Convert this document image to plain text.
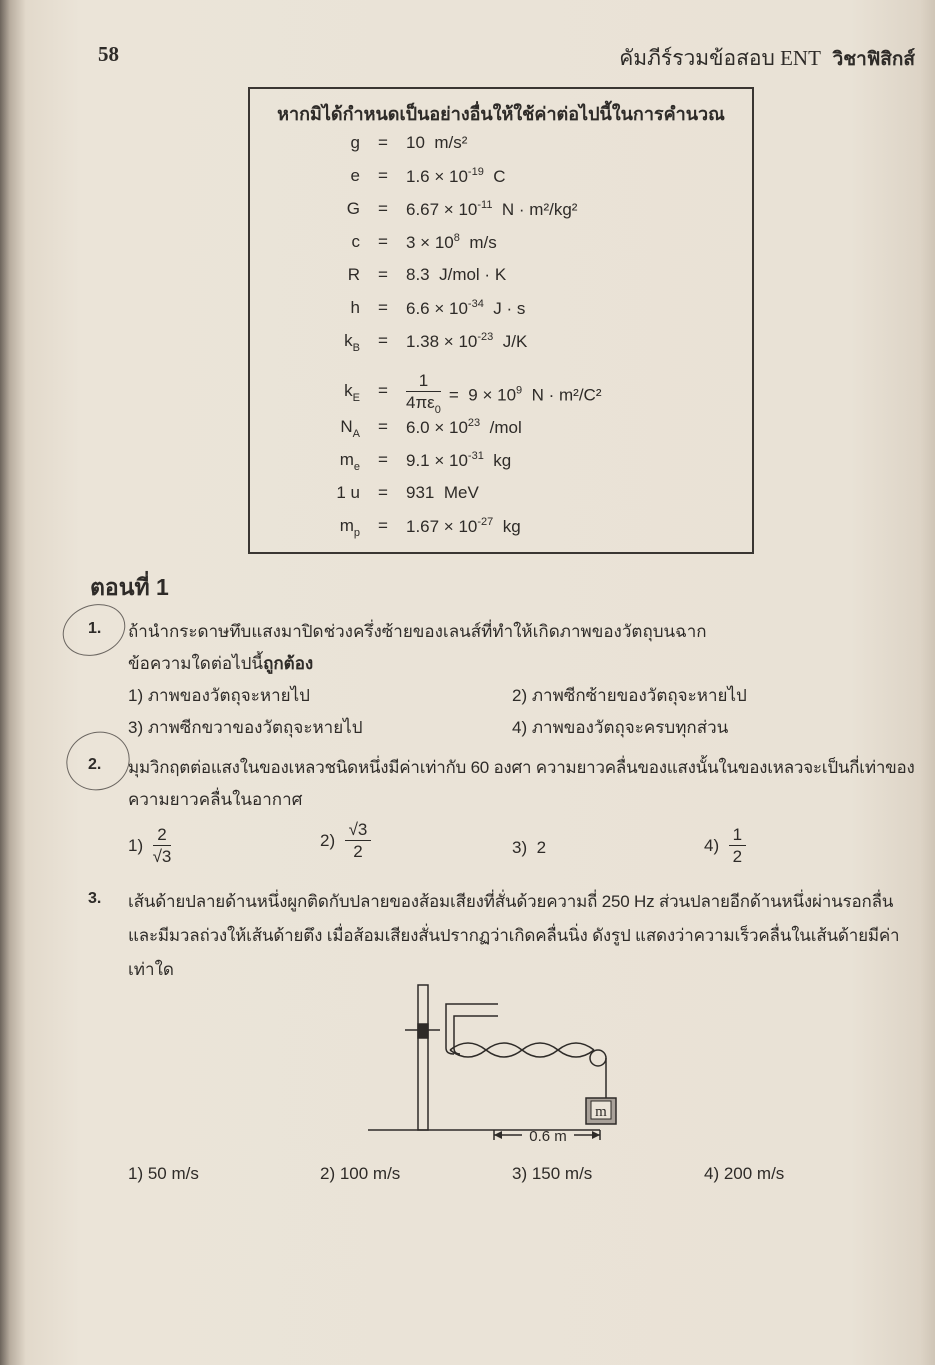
58	คัมภีร์รวมข้อสอบ ENT วิชาฟิสิกส์
หากมิได้กำหนดเป็นอย่างอื่นให้ใช้ค่าต่อไปนี้ในการคำนวณ
g = 10 m/s²
$e = 1.6 \times 10^{-19}$ C
$G = 6.67 \times 10^{-11}$ N · m²/kg²
$c = 3 \times 10^8$ m/s
R = 8.3 J/mol · K
$h = 6.6 \times 10^{-34}$ J · s
$k_B = 1.38 \times 10^{-23}$ J/K
$k_E = \frac{1}{4\pi\varepsilon_0} = 9 \times 10^9$ N · m²/C²
$N_A = 6.0 \times 10^{23}$ /mol
$m_e = 9.1 \times 10^{-31}$ kg
1 u = 931 MeV
$m_p = 1.67 \times 10^{-27}$ kg
ตอนที่ 1
1. ถ้านำกระดาษทึบแสงมาปิดช่วงครึ่งซ้ายของเลนส์ที่ทำให้เกิดภาพของวัตถุบนฉาก
ข้อความใดต่อไปนี้ถูกต้อง
1) ภาพของวัตถุจะหายไป	2) ภาพซีกซ้ายของวัตถุจะหายไป
3) ภาพซีกขวาของวัตถุจะหายไป	4) ภาพของวัตถุจะครบทุกส่วน
2. มุมวิกฤตต่อแสงในของเหลวชนิดหนึ่งมีค่าเท่ากับ 60 องศา ความยาวคลื่นของแสงนั้นในของเหลวจะเป็นกี่เท่าของ
ความยาวคลื่นในอากาศ
$1) \frac{2}{√3}$	$2) \frac{√3}{2}$	3) 2	$4) \frac{1}{2}$
3. เส้นด้ายปลายด้านหนึ่งผูกติดกับปลายของส้อมเสียงที่สั่นด้วยความถี่ 250 Hz ส่วนปลายอีกด้านหนึ่งผ่านรอกลื่น
และมีมวลถ่วงให้เส้นด้ายตึง เมื่อส้อมเสียงสั่นปรากฏว่าเกิดคลื่นนิ่ง ดังรูป แสดงว่าความเร็วคลื่นในเส้นด้ายมีค่า
เท่าใด
m
0.6 m
1) 50 m/s	2) 100 m/s	3) 150 m/s	4) 200 m/s
